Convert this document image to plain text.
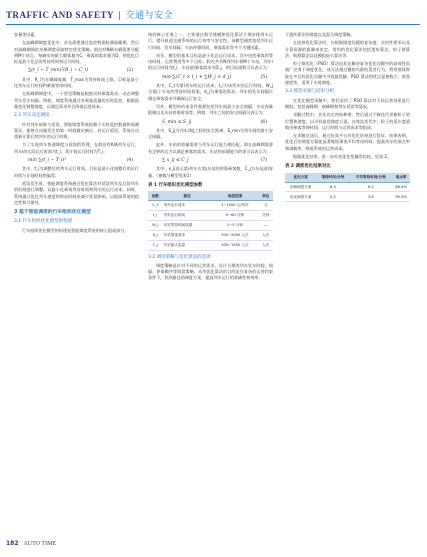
TRAFFIC AND SAFETY | 交通与安全

容量等因素。

在高峰期调度优化中，首先需要通过监控数据检测高峰期，然后对高峰期间的车辆调度采取特定优化策略。假设有N辆车辆需要分配到M个站点，每辆车的最大载客量为C，乘客的需求量为D，则优化目标是最小化总的等待时间和运行时间。

∑(t_i − T_min)²(R_i − C_i)	(2)

其中，R_i为车辆载客量，T_max为等待时间上限。目标是最小化列车运行时间和乘客等待时间。

在低峰期调度中，一个常见策略是根据实时乘客需求，动态调整列车发车间隔。例如，调度系统通过对乘客流量的实时监控，根据流量变化调整调度，以满足需求并且降低运营成本。

2.3 列车动态调度

针对列车故障与延误，智能调度系统依赖于实时监控数据和预测算法，能够在问题发生的第一时间做出响应。若运行延误，系统自动重新计算后续列车的运行时刻。

为了实现列车快速调度与延误的管理，在假设有K辆列车运行，列车i的实际运行时间为t_i，其计划运行时间为T_i：

min ∑(t_i − T_i)²	(4)

其中，t_i为调整后的列车运行时间。目标是最小化调整后的运行时间与计划时间的偏差。

延误发生时，智能调度系统通过优化算法对延误列车及后续列车的时刻进行调整，以最小化乘客等待时间和列车的运行成本。同时，系统通过优化列车速度和停站时间来减少延误影响，以提高系统的稳定性和可靠性。

3 基于智能调度的行车组织优化模型
3.1 行车组织优化模型的构建

行车组织优化模型的构建是智能调度系统的核心组成部分。

统的核心任务之一，主要通过数学建模和优化算法合理安排列车运行，提升轨道交通系统的运行效率与安全性。该模型通常包括列车运行时间、发车间隔、车站停靠时间、乘客需求等多个关键因素。

首先，模型的基本目标是最小化总运行成本，其中包括乘客的等待时间、运营费用等多个目标。假设共有N列列车和M个车站，列车i的运行时间为t_i，车站j的乘客需求为D_j，则目标函数可以表示为：

min ∑(C_t × t_i + ∑W_j × d_j)	(5)

其中，C_t为第i列车的运行成本，t_i为该列车的运行时间，W_j为第j个车站的等待时间权重，d_j为乘客的需求。列车的发车间隔应满足乘客需求并确保运行安全。

另外，模型的约束条件需要包括列车间最小安全间隔、车站容量限制以及车站停靠时间等。例如，列车之间的安全间隔可表示为：

S_min ≤ S_ij	(6)

其中，S_ij为列车i和j之间的安全距离，S_min为列车间的最小安全间隔。

此外，车站的容量需要与列车运行能力相匹配，即在高峰期需要有足够的运力以满足乘客的需求。车站的承载能力约束可以表示为：

∑ x_ij ≤ C_j	(7)

其中，x_ij表示第i列车在第j车站的停靠乘客数，C_j为车站j的容量。（参数与模型见表1）

表 1 行车组织优化模型参数
参数	描述	取值范围	单位
C_t	列车运行成本	1~1000 元/列车	元
t_i	列车运行时间	5~60 分钟	分钟
W_j	车站等待时间权重	1~5 分钟	—
d_j	车站乘客需求	500~2000 人次	人次
C_j	车站最大容量	500~1500 人次	人次
3.2 调度策略与优化算法的选择

调度策略是针对不同的运营需求，设计合理的列车发车时间、间隔、停靠顺序等调度策略。采用优化算法的目的是在复杂的运营约束条件下，找到最佳的调度方案，提高列车运行的准确性和效率。

于遗传算法的调度以及混合调度策略。

在选择优化算法时，应根据调度问题的复杂度、实时性要求以及计算资源的限制来决定。常用的优化算法包括遗传算法、粒子群算法、蚁群算法以及模拟退火算法等。

粒子群优化（PSO）算法因其在解决复杂优化问题中的高效性而被广泛用于调度优化。该方法通过模拟鸟群的觅食行为，利用群体智能在多目标优化问题中寻找最优解。PSO 算法的优点是参数少、收敛速度快，适用于实时调度。

3.3 模型求解与结果分析

在优化模型求解中，我们采用了 PSO 算法对不同运营场景进行模拟，包括高峰期、低峰期和列车延误等情况。

求解过程中，首先设定初始种群，然后通过不断迭代更新粒子的位置和速度，以寻找最优调度方案。在每次迭代中，粒子的适应度函数由乘客等待时间、运行时间与运营成本等组成。

在求解完成后，通过仿真平台对优化结果进行验证。结果表明，优化后的调度方案能显著缩短乘客平均等待时间，提高列车的准点率和满载率，降低系统的运营成本。

根据优化结果，进一步补充优化变量的比较，见表 2。

表 2 调度优化结果对比
优化方案	等待时间/分钟	平均等待时间/分钟	准点率
初始调度方案	8.5	6.2	88.4%
优化调度方案	5.2	3.8	95.3%
182 AUTO TIME
